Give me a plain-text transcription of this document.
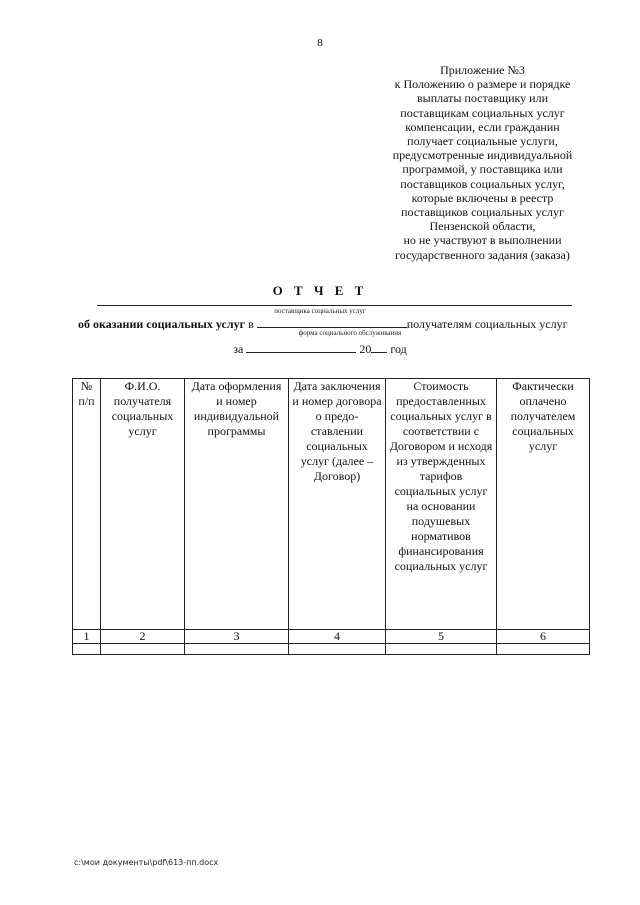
8
Приложение №3
к Положению о размере и порядке
выплаты поставщику или
поставщикам социальных услуг
компенсации, если гражданин
получает социальные услуги,
предусмотренные индивидуальной
программой, у поставщика или
поставщиков социальных услуг,
которые включены в реестр
поставщиков социальных услуг
Пензенской области,
но не участвуют в выполнении
государственного задания (заказа)
О Т Ч Е Т
поставщика социальных услуг
об оказании социальных услуг в	получателям социальных услуг
форма социального обслуживания
за	20 год
№ п/п	Ф.И.О. получателя социальных услуг	Дата оформления и номер индивидуальной программы	Дата заключения и номер договора о предо-ставлении социальных услуг (далее – Договор)	Стоимость предоставленных социальных услуг в соответствии с Договором и исходя из утвержденных тарифов социальных услуг на основании подушевых нормативов финансирования социальных услуг	Фактически оплачено получателем социальных услуг
1	2	3	4	5	6

c:\мои документы\pdf\613-пп.docx
